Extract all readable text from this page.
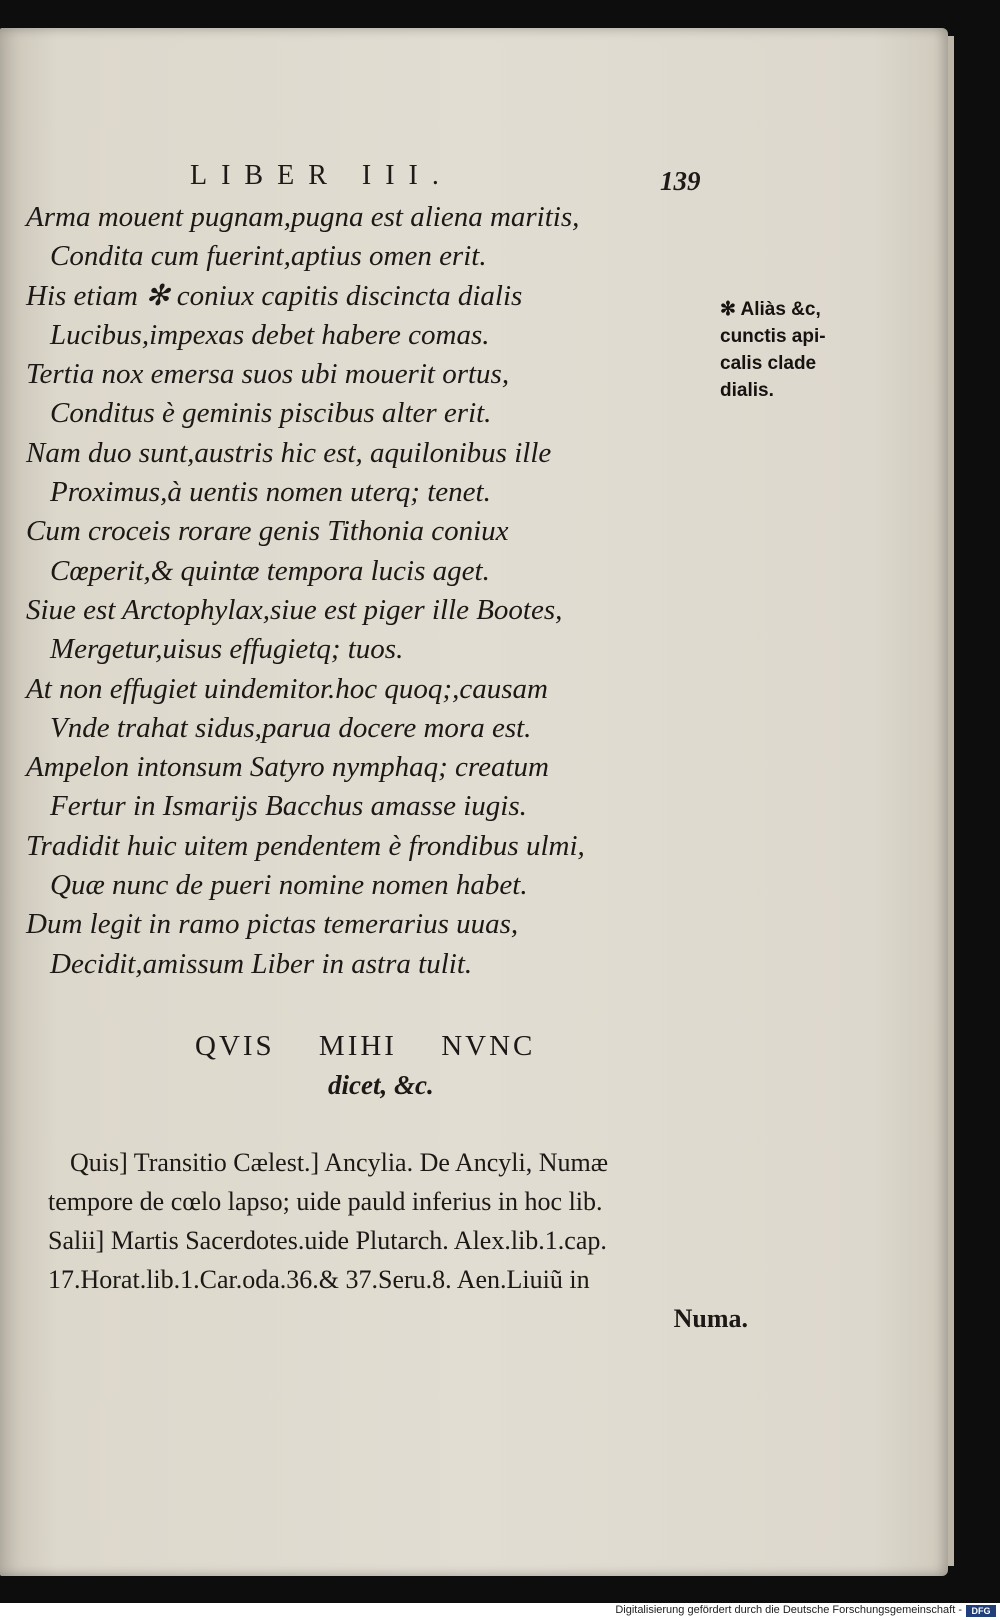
LIBER III.	139
Arma mouent pugnam,pugna est aliena maritis,
Condita cum fuerint,aptius omen erit.
His etiam ✻ coniux capitis discincta dialis
Lucibus,impexas debet habere comas.
Tertia nox emersa suos ubi mouerit ortus,
Conditus è geminis piscibus alter erit.
Nam duo sunt,austris hic est, aquilonibus ille
Proximus,à uentis nomen uterq; tenet.
Cum croceis rorare genis Tithonia coniux
Cœperit,& quintæ tempora lucis aget.
Siue est Arctophylax,siue est piger ille Bootes,
Mergetur,uisus effugietq; tuos.
At non effugiet uindemitor.hoc quoq;,causam
Vnde trahat sidus,parua docere mora est.
Ampelon intonsum Satyro nymphaq; creatum
Fertur in Ismarijs Bacchus amasse iugis.
Tradidit huic uitem pendentem è frondibus ulmi,
Quæ nunc de pueri nomine nomen habet.
Dum legit in ramo pictas temerarius uuas,
Decidit,amissum Liber in astra tulit.
✻ Aliàs &c,
cunctis api-
calis clade
dialis.
QVIS MIHI NVNC
dicet, &c.
Quis] Transitio Cælest.] Ancylia. De Ancyli, Numæ
tempore de cœlo lapso; uide pauld inferius in hoc lib.
Salii] Martis Sacerdotes.uide Plutarch. Alex.lib.1.cap.
17.Horat.lib.1.Car.oda.36.& 37.Seru.8. Aen.Liuiũ in
Numa.
Digitalisierung gefördert durch die Deutsche Forschungsgemeinschaft -	DFG
